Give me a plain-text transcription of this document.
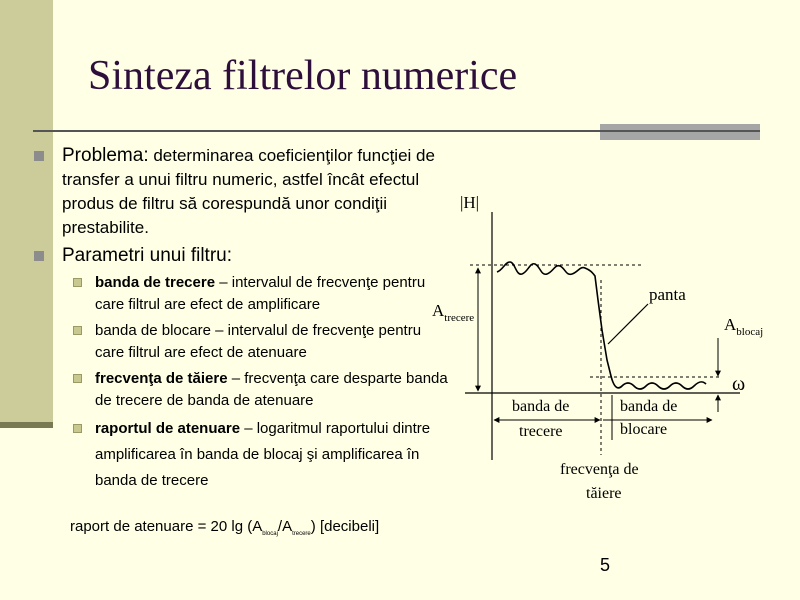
Sinteza filtrelor numerice
Problema: determinarea coeficienţilor funcţiei de transfer a unui filtru numeric, astfel încât efectul produs de filtru să corespundă unor condiţii prestabilite.
Parametri unui filtru:
banda de trecere – intervalul de frecvenţe pentru care filtrul are efect de amplificare
banda de blocare – intervalul de frecvenţe pentru care filtrul are efect de atenuare
frecvenţa de tăiere – frecvenţa care desparte banda de trecere de banda de atenuare
raportul de atenuare – logaritmul raportului dintre amplificarea în banda de blocaj şi amplificarea în banda de trecere
raport de atenuare = 20 $\lg (A_{blocaj}/A_{trecere})$ [decibeli]
|H|
$A_{trecere}$	$A_{blocaj}$
panta
ω
banda de
trecere
banda de
blocare
frecvenţa de
tăiere
5
